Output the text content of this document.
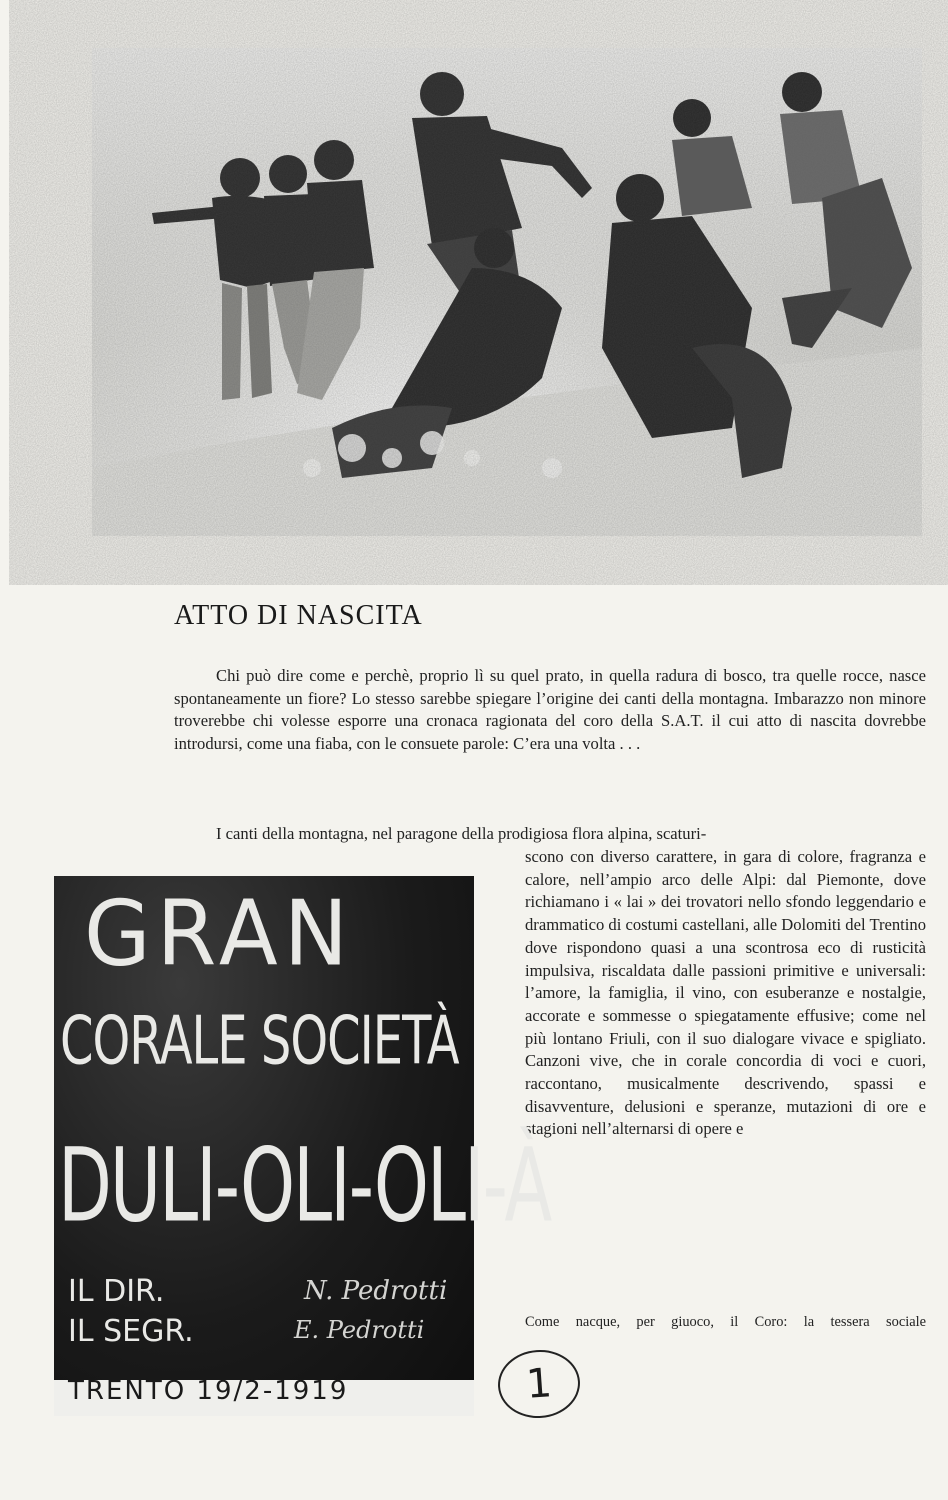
ATTO DI NASCITA

Chi può dire come e perchè, proprio lì su quel prato, in quella radura di bosco, tra quelle rocce, nasce spontaneamente un fiore? Lo stesso sarebbe spiegare l’origine dei canti della montagna. Imbarazzo non minore troverebbe chi volesse esporre una cronaca ragionata del coro della S.A.T. il cui atto di nascita dovrebbe introdursi, come una fiaba, con le consuete parole: C’era una volta . . .

I canti della montagna, nel paragone della prodigiosa flora alpina, scaturi-

scono con diverso carattere, in gara di colore, fragranza e calore, nell’ampio arco delle Alpi: dal Piemonte, dove richiamano i « lai » dei trovatori nello sfondo leggendario e drammatico di costumi castellani, alle Dolomiti del Trentino dove rispondono quasi a una scontrosa eco di rusticità impulsiva, riscaldata dalle passioni primitive e universali: l’amore, la famiglia, il vino, con esuberanze e nostalgie, accorate e sommesse o spiegatamente effusive; come nel più lontano Friuli, con il suo dialogare vivace e spigliato. Canzoni vive, che in corale concordia di voci e cuori, raccontano, musicalmente descrivendo, spassi e disavventure, delusioni e speranze, mutazioni di ore e stagioni nell’alternarsi di opere e

GRAN
CORALE SOCIETÀ
DULI-OLI-OLI-À
IL DIR.	N. Pedrotti
IL SEGR.	E. Pedrotti
TRENTO 19/2-1919

Come nacque, per giuoco, il Coro: la tessera sociale

1
